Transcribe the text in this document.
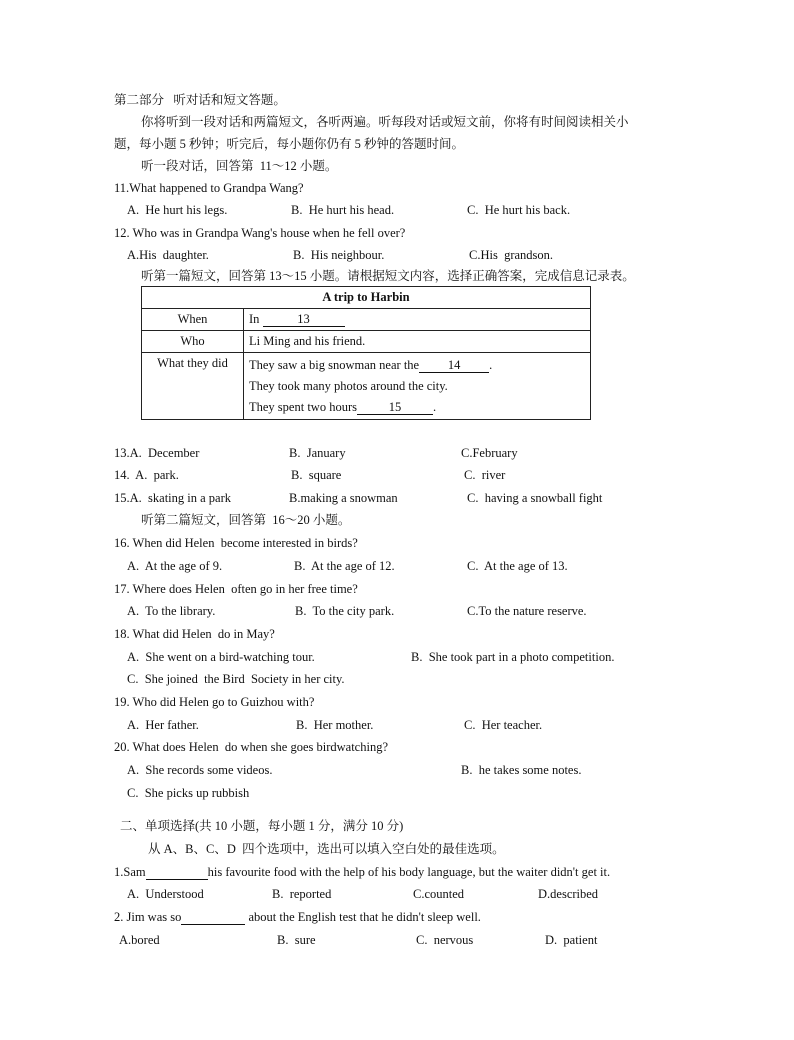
第二部分   听对话和短文答题。
你将听到一段对话和两篇短文，各听两遍。听每段对话或短文前，你将有时间阅读相关小
题，每小题 5 秒钟；听完后，每小题你仍有 5 秒钟的答题时间。
听一段对话，回答第  11～12 小题。
11.What happened to Grandpa Wang?
A.  He hurt his legs.	B.  He hurt his head.	C.  He hurt his back.
12. Who was in Grandpa Wang's house when he fell over?
A.His  daughter.	B.  His neighbour.	C.His  grandson.
听第一篇短文，回答第 13～15 小题。请根据短文内容，选择正确答案，完成信息记录表。
A trip to Harbin	
When	In 13
Who	Li Ming and his friend.
What they did	They saw a big snowman near the 14 .
They took many photos around the city.
They spent two hours 15 .
13.A.  December	B.  January	C.February
14.  A.  park.	B.  square	C.  river
15.A.  skating in a park	B.making a snowman	C.  having a snowball fight
听第二篇短文，回答第  16～20 小题。
16. When did Helen  become interested in birds?
A.  At the age of 9.	B.  At the age of 12.	C.  At the age of 13.
17. Where does Helen  often go in her free time?
A.  To the library.	B.  To the city park.	C.To the nature reserve.
18. What did Helen  do in May?
A.  She went on a bird-watching tour.	B.  She took part in a photo competition.
C.  She joined  the Bird  Society in her city.
19. Who did Helen go to Guizhou with?
A.  Her father.	B.  Her mother.	C.  Her teacher.
20. What does Helen  do when she goes birdwatching?
A.  She records some videos.	B.  he takes some notes.
C.  She picks up rubbish
二、单项选择(共 10 小题，每小题 1 分，满分 10 分)
从 A、B、C、D  四个选项中，选出可以填入空白处的最佳选项。
1.Sam	his favourite food with the help of his body language, but the waiter didn't get it.
A.  Understood	B.  reported	C.counted	D.described
2. Jim was so	about the English test that he didn't sleep well.
A.bored	B.  sure	C.  nervous	D.  patient
